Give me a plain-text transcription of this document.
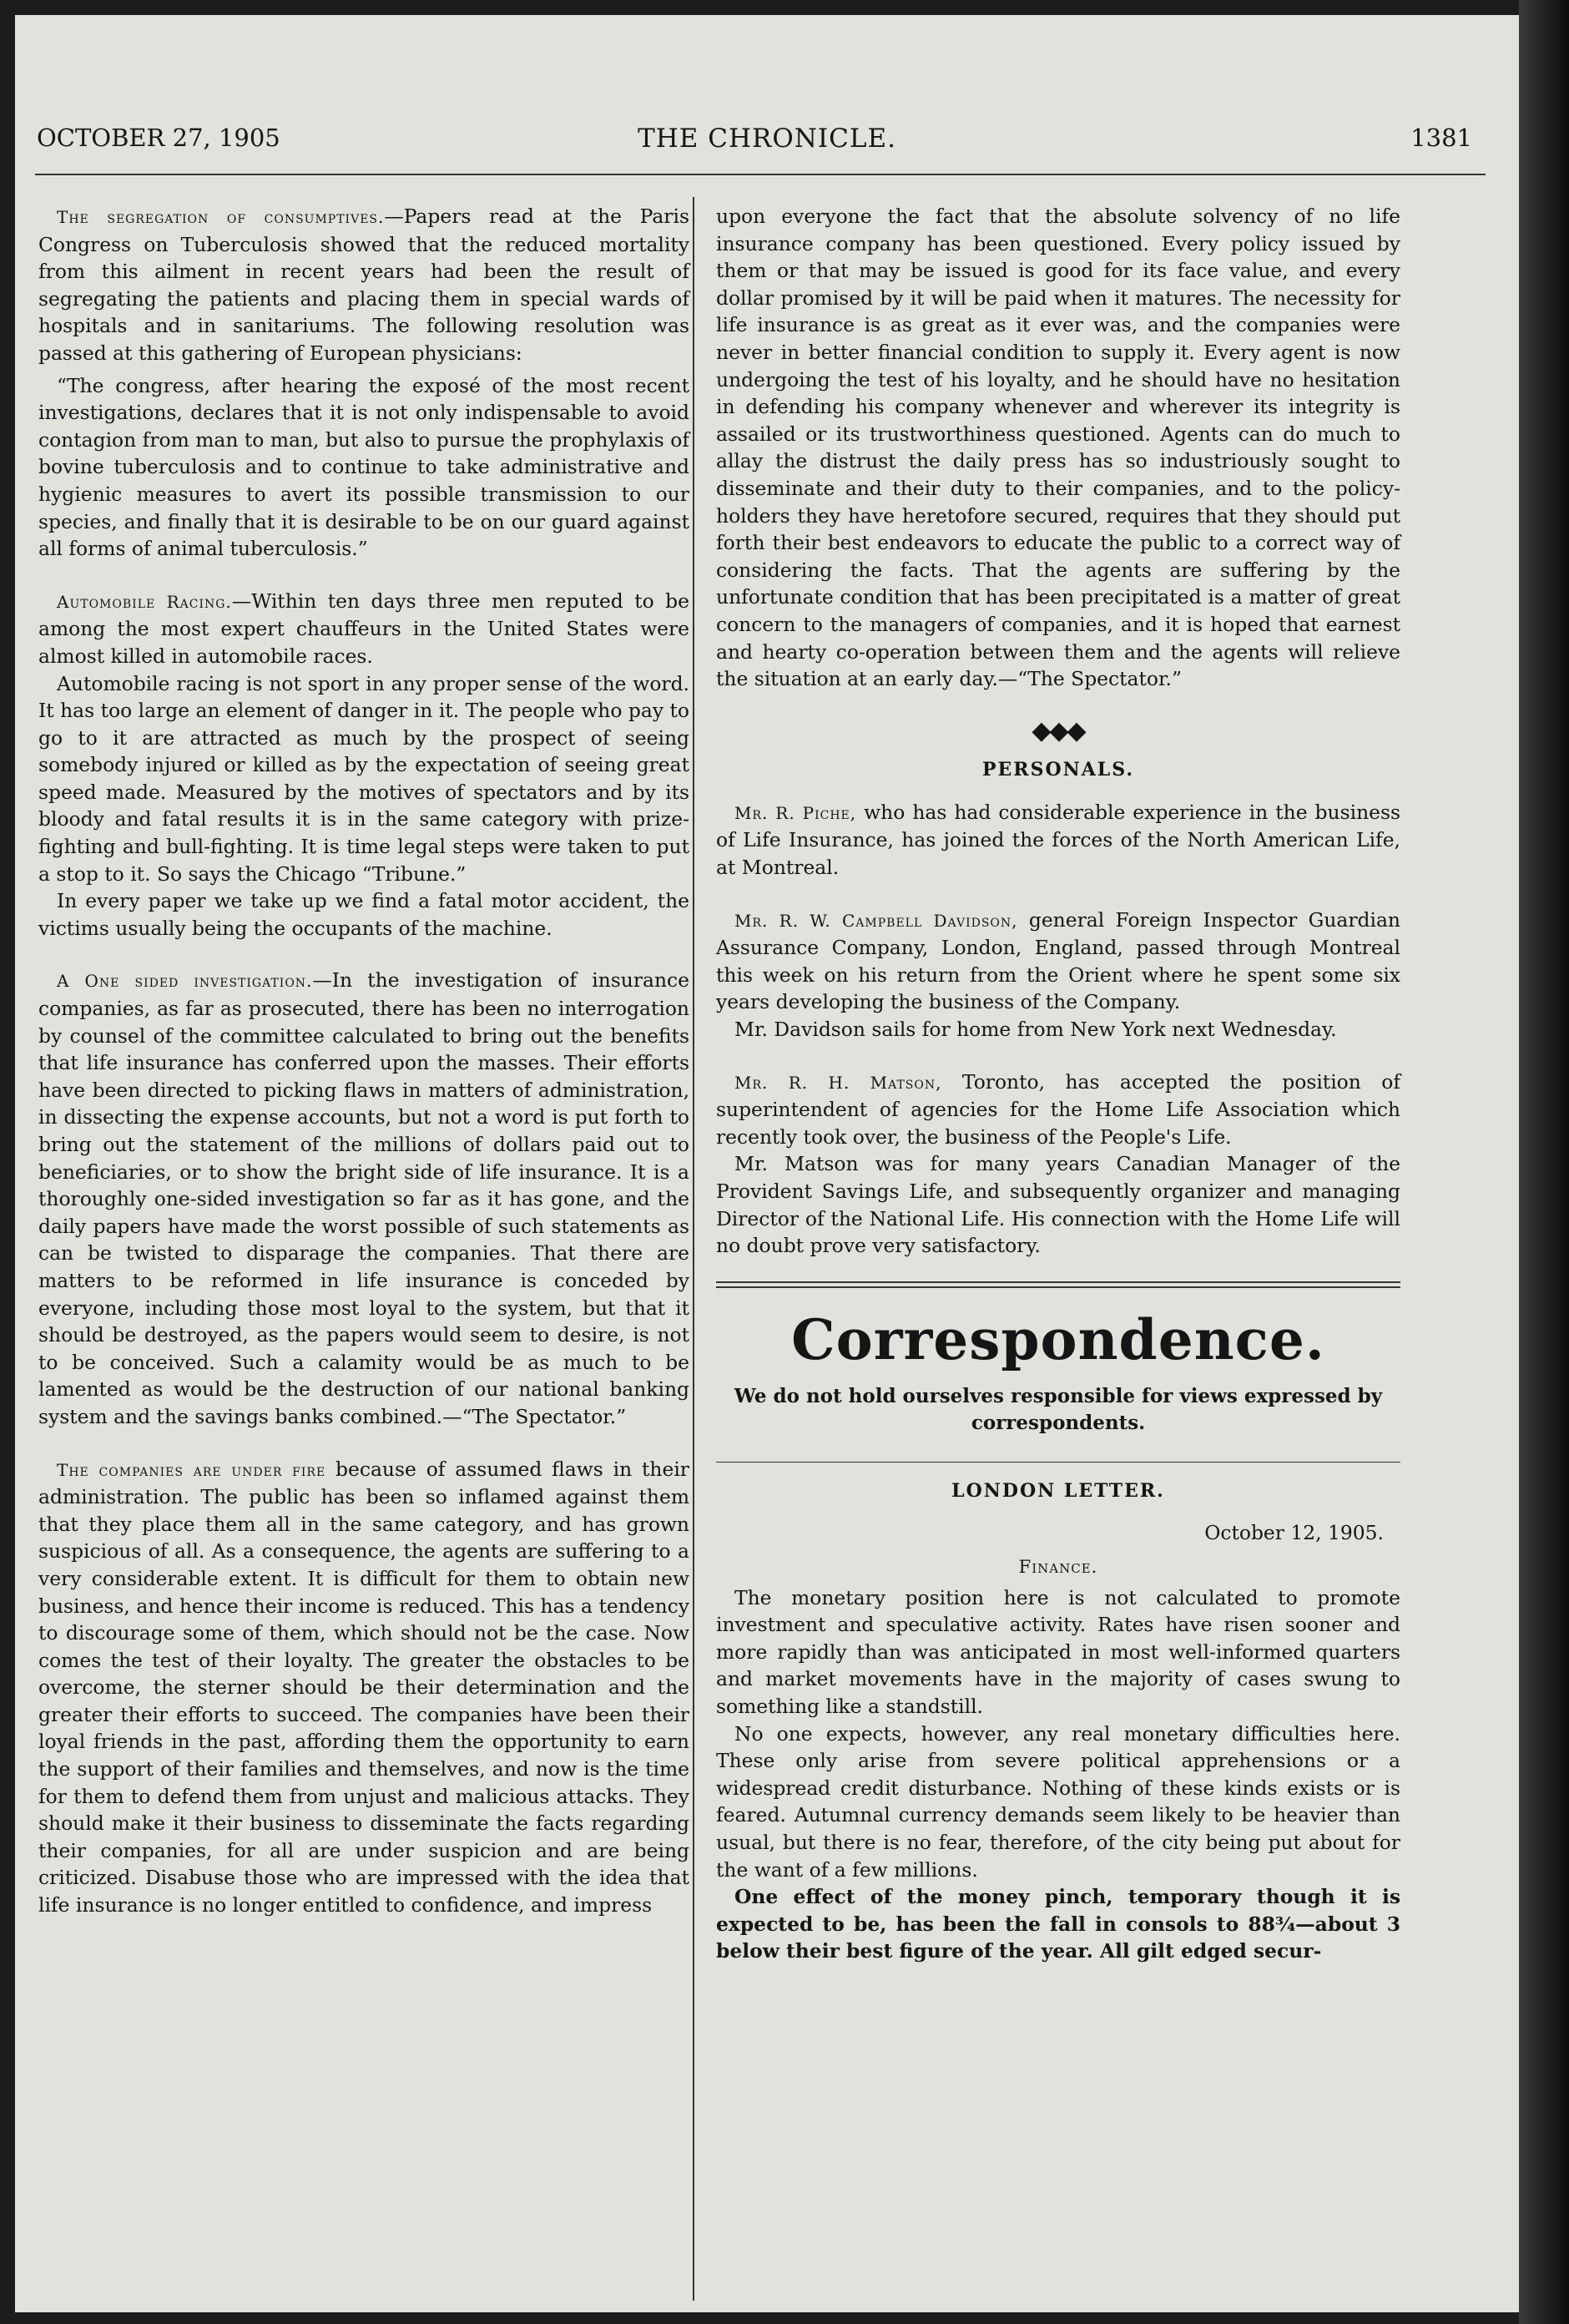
OCTOBER 27, 1905	THE CHRONICLE.	1381

The segregation of consumptives.—Papers read at the Paris Congress on Tuberculosis showed that the reduced mortality from this ailment in recent years had been the result of segregating the patients and placing them in special wards of hospitals and in sanitariums. The following resolution was passed at this gathering of European physicians:

“The congress, after hearing the exposé of the most recent investigations, declares that it is not only indispensable to avoid contagion from man to man, but also to pursue the prophylaxis of bovine tuberculosis and to continue to take administrative and hygienic measures to avert its possible transmission to our species, and finally that it is desirable to be on our guard against all forms of animal tuberculosis.”

Automobile Racing.—Within ten days three men reputed to be among the most expert chauffeurs in the United States were almost killed in automobile races.

Automobile racing is not sport in any proper sense of the word. It has too large an element of danger in it. The people who pay to go to it are attracted as much by the prospect of seeing somebody injured or killed as by the expectation of seeing great speed made. Measured by the motives of spectators and by its bloody and fatal results it is in the same category with prize-fighting and bull-fighting. It is time legal steps were taken to put a stop to it. So says the Chicago “Tribune.”

In every paper we take up we find a fatal motor accident, the victims usually being the occupants of the machine.

A One sided investigation.—In the investigation of insurance companies, as far as prosecuted, there has been no interrogation by counsel of the committee calculated to bring out the benefits that life insurance has conferred upon the masses. Their efforts have been directed to picking flaws in matters of administration, in dissecting the expense accounts, but not a word is put forth to bring out the statement of the millions of dollars paid out to beneficiaries, or to show the bright side of life insurance. It is a thoroughly one-sided investigation so far as it has gone, and the daily papers have made the worst possible of such statements as can be twisted to disparage the companies. That there are matters to be reformed in life insurance is conceded by everyone, including those most loyal to the system, but that it should be destroyed, as the papers would seem to desire, is not to be conceived. Such a calamity would be as much to be lamented as would be the destruction of our national banking system and the savings banks combined.—“The Spectator.”

The companies are under fire because of assumed flaws in their administration. The public has been so inflamed against them that they place them all in the same category, and has grown suspicious of all. As a consequence, the agents are suffering to a very considerable extent. It is difficult for them to obtain new business, and hence their income is reduced. This has a tendency to discourage some of them, which should not be the case. Now comes the test of their loyalty. The greater the obstacles to be overcome, the sterner should be their determination and the greater their efforts to succeed. The companies have been their loyal friends in the past, affording them the opportunity to earn the support of their families and themselves, and now is the time for them to defend them from unjust and malicious attacks. They should make it their business to disseminate the facts regarding their companies, for all are under suspicion and are being criticized. Disabuse those who are impressed with the idea that life insurance is no longer entitled to confidence, and impress

upon everyone the fact that the absolute solvency of no life insurance company has been questioned. Every policy issued by them or that may be issued is good for its face value, and every dollar promised by it will be paid when it matures. The necessity for life insurance is as great as it ever was, and the companies were never in better financial condition to supply it. Every agent is now undergoing the test of his loyalty, and he should have no hesitation in defending his company whenever and wherever its integrity is assailed or its trustworthiness questioned. Agents can do much to allay the distrust the daily press has so industriously sought to disseminate and their duty to their companies, and to the policy-holders they have heretofore secured, requires that they should put forth their best endeavors to educate the public to a correct way of considering the facts. That the agents are suffering by the unfortunate condition that has been precipitated is a matter of great concern to the managers of companies, and it is hoped that earnest and hearty co-operation between them and the agents will relieve the situation at an early day.—“The Spectator.”

◆◆◆
PERSONALS.

Mr. R. Piche, who has had considerable experience in the business of Life Insurance, has joined the forces of the North American Life, at Montreal.

Mr. R. W. Campbell Davidson, general Foreign Inspector Guardian Assurance Company, London, England, passed through Montreal this week on his return from the Orient where he spent some six years developing the business of the Company.

Mr. Davidson sails for home from New York next Wednesday.

Mr. R. H. Matson, Toronto, has accepted the position of superintendent of agencies for the Home Life Association which recently took over, the business of the People's Life.

Mr. Matson was for many years Canadian Manager of the Provident Savings Life, and subsequently organizer and managing Director of the National Life. His connection with the Home Life will no doubt prove very satisfactory.

Correspondence.
We do not hold ourselves responsible for views expressed by correspondents.
LONDON LETTER.
October 12, 1905.
Finance.

The monetary position here is not calculated to promote investment and speculative activity. Rates have risen sooner and more rapidly than was anticipated in most well-informed quarters and market movements have in the majority of cases swung to something like a standstill.

No one expects, however, any real monetary difficulties here. These only arise from severe political apprehensions or a widespread credit disturbance. Nothing of these kinds exists or is feared. Autumnal currency demands seem likely to be heavier than usual, but there is no fear, therefore, of the city being put about for the want of a few millions.

One effect of the money pinch, temporary though it is expected to be, has been the fall in consols to 88¾—about 3 below their best figure of the year. All gilt edged secur-
